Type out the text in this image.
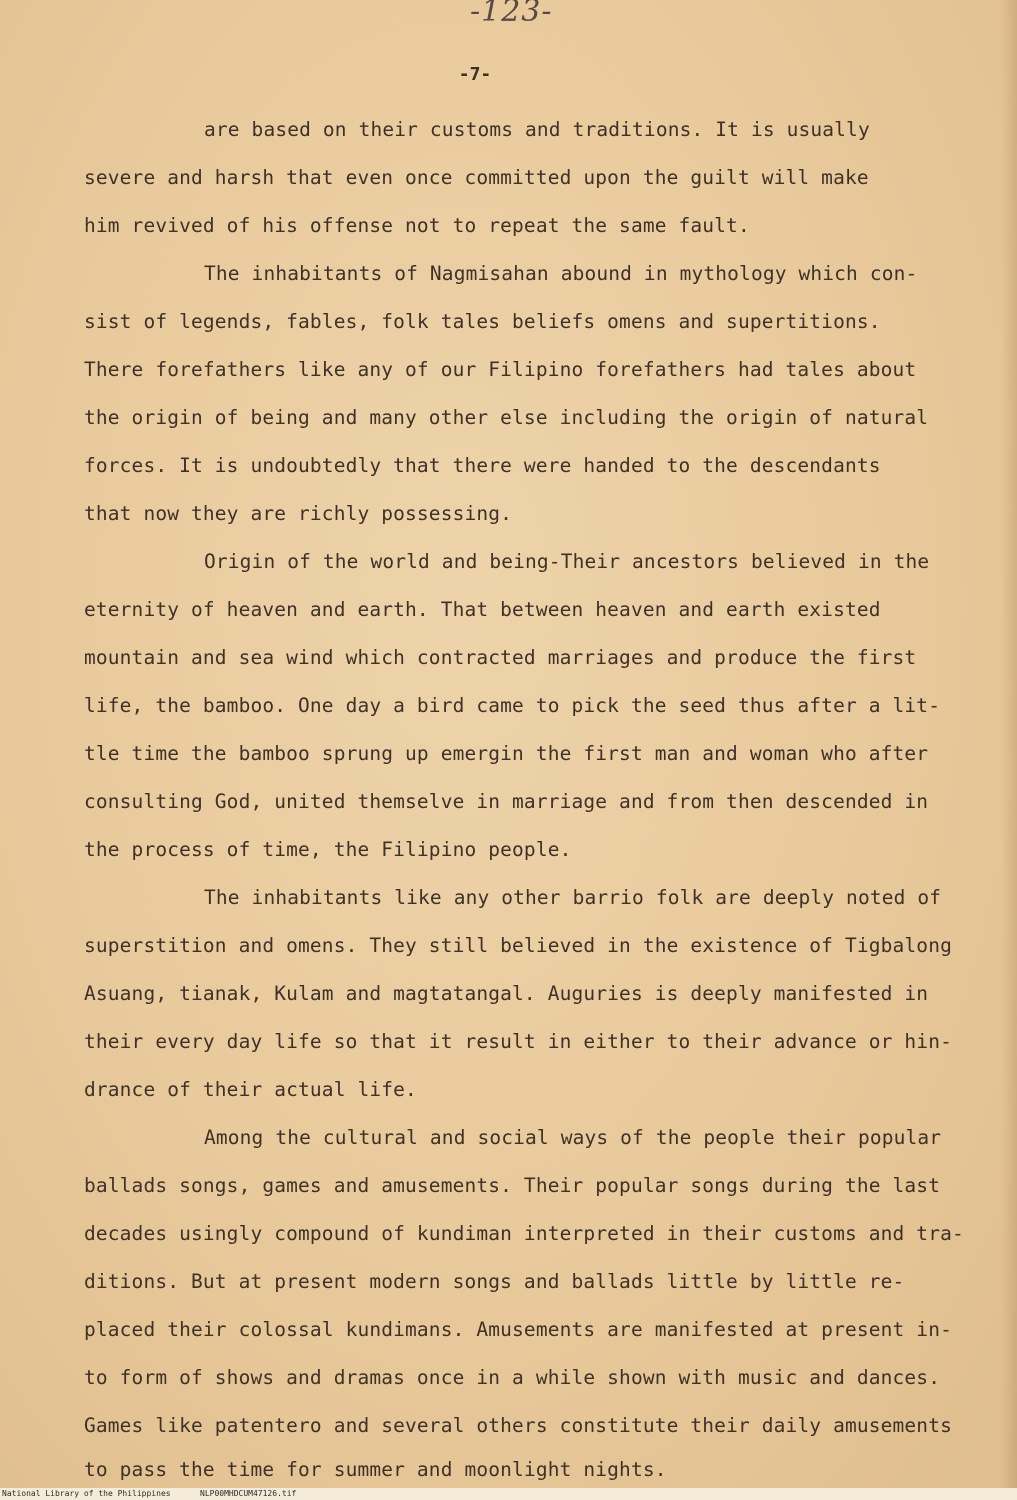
-123-
-7-
are based on their customs and traditions. It is usually
severe and harsh that even once committed upon the guilt will make
him revived of his offense not to repeat the same fault.
The inhabitants of Nagmisahan abound in mythology which con-
sist of legends, fables, folk tales beliefs omens and supertitions.
There forefathers like any of our Filipino forefathers had tales about
the origin of being and many other else including the origin of natural
forces. It is undoubtedly that there were handed to the descendants
that now they are richly possessing.
Origin of the world and being-Their ancestors believed in the
eternity of heaven and earth. That between heaven and earth existed
mountain and sea wind which contracted marriages and produce the first
life, the bamboo. One day a bird came to pick the seed thus after a lit-
tle time the bamboo sprung up emergin the first man and woman who after
consulting God, united themselve in marriage and from then descended in
the process of time, the Filipino people.
The inhabitants like any other barrio folk are deeply noted of
superstition and omens. They still believed in the existence of Tigbalong
Asuang, tianak, Kulam and magtatangal. Auguries is deeply manifested in
their every day life so that it result in either to their advance or hin-
drance of their actual life.
Among the cultural and social ways of the people their popular
ballads songs, games and amusements. Their popular songs during the last
decades usingly compound of kundiman interpreted in their customs and tra-
ditions. But at present modern songs and ballads little by little re-
placed their colossal kundimans. Amusements are manifested at present in-
to form of shows and dramas once in a while shown with music and dances.
Games like patentero and several others constitute their daily amusements
to pass the time for summer and moonlight nights.
National Library of the Philippines	NLP00MHDCUM47126.tif
